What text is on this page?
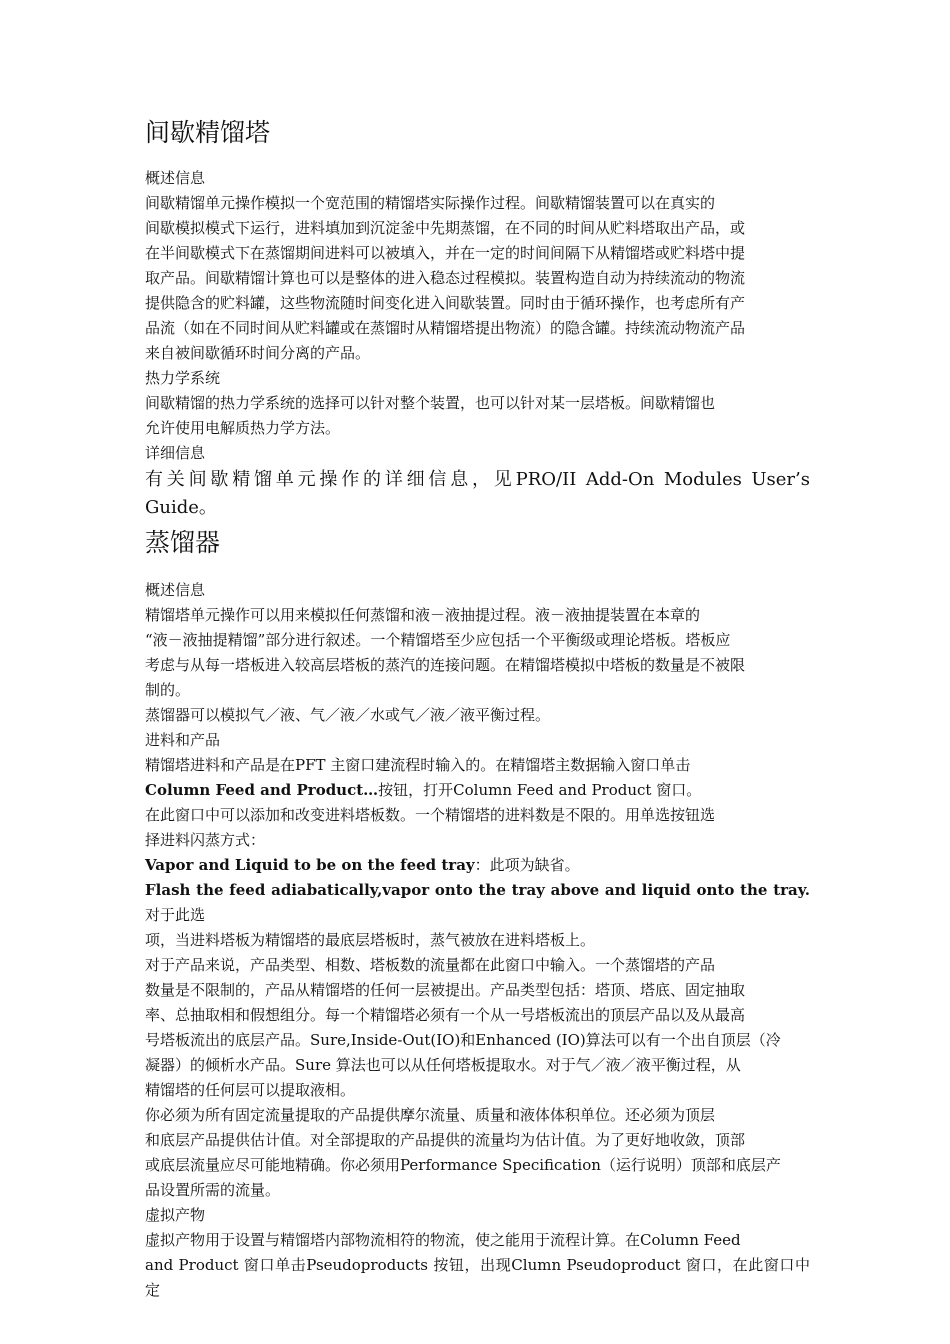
间歇精馏塔

概述信息

间歇精馏单元操作模拟一个宽范围的精馏塔实际操作过程。间歇精馏装置可以在真实的

间歇模拟模式下运行，进料填加到沉淀釜中先期蒸馏，在不同的时间从贮料塔取出产品，或

在半间歇模式下在蒸馏期间进料可以被填入，并在一定的时间间隔下从精馏塔或贮料塔中提

取产品。间歇精馏计算也可以是整体的进入稳态过程模拟。装置构造自动为持续流动的物流

提供隐含的贮料罐，这些物流随时间变化进入间歇装置。同时由于循环操作，也考虑所有产

品流（如在不同时间从贮料罐或在蒸馏时从精馏塔提出物流）的隐含罐。持续流动物流产品

来自被间歇循环时间分离的产品。

热力学系统

间歇精馏的热力学系统的选择可以针对整个装置，也可以针对某一层塔板。间歇精馏也

允许使用电解质热力学方法。

详细信息

有关间歇精馏单元操作的详细信息，见PRO/II Add-On Modules User’s Guide。

蒸馏器

概述信息

精馏塔单元操作可以用来模拟任何蒸馏和液－液抽提过程。液－液抽提装置在本章的

“液－液抽提精馏”部分进行叙述。一个精馏塔至少应包括一个平衡级或理论塔板。塔板应

考虑与从每一塔板进入较高层塔板的蒸汽的连接问题。在精馏塔模拟中塔板的数量是不被限

制的。

蒸馏器可以模拟气／液、气／液／水或气／液／液平衡过程。

进料和产品

精馏塔进料和产品是在PFT 主窗口建流程时输入的。在精馏塔主数据输入窗口单击

Column Feed and Product…按钮，打开Column Feed and Product 窗口。

在此窗口中可以添加和改变进料塔板数。一个精馏塔的进料数是不限的。用单选按钮选

择进料闪蒸方式：

Vapor and Liquid to be on the feed tray：此项为缺省。

Flash the feed adiabatically,vapor onto the tray above and liquid onto the tray.对于此选

项，当进料塔板为精馏塔的最底层塔板时，蒸气被放在进料塔板上。

对于产品来说，产品类型、相数、塔板数的流量都在此窗口中输入。一个蒸馏塔的产品

数量是不限制的，产品从精馏塔的任何一层被提出。产品类型包括：塔顶、塔底、固定抽取

率、总抽取相和假想组分。每一个精馏塔必须有一个从一号塔板流出的顶层产品以及从最高

号塔板流出的底层产品。Sure,Inside-Out(IO)和Enhanced (IO)算法可以有一个出自顶层（冷

凝器）的倾析水产品。Sure 算法也可以从任何塔板提取水。对于气／液／液平衡过程，从

精馏塔的任何层可以提取液相。

你必须为所有固定流量提取的产品提供摩尔流量、质量和液体体积单位。还必须为顶层

和底层产品提供估计值。对全部提取的产品提供的流量均为估计值。为了更好地收敛，顶部

或底层流量应尽可能地精确。你必须用Performance Specification（运行说明）顶部和底层产

品设置所需的流量。

虚拟产物

虚拟产物用于设置与精馏塔内部物流相符的物流，使之能用于流程计算。在Column Feed

and Product 窗口单击Pseudoproducts 按钮，出现Clumn Pseudoproduct 窗口，在此窗口中定
